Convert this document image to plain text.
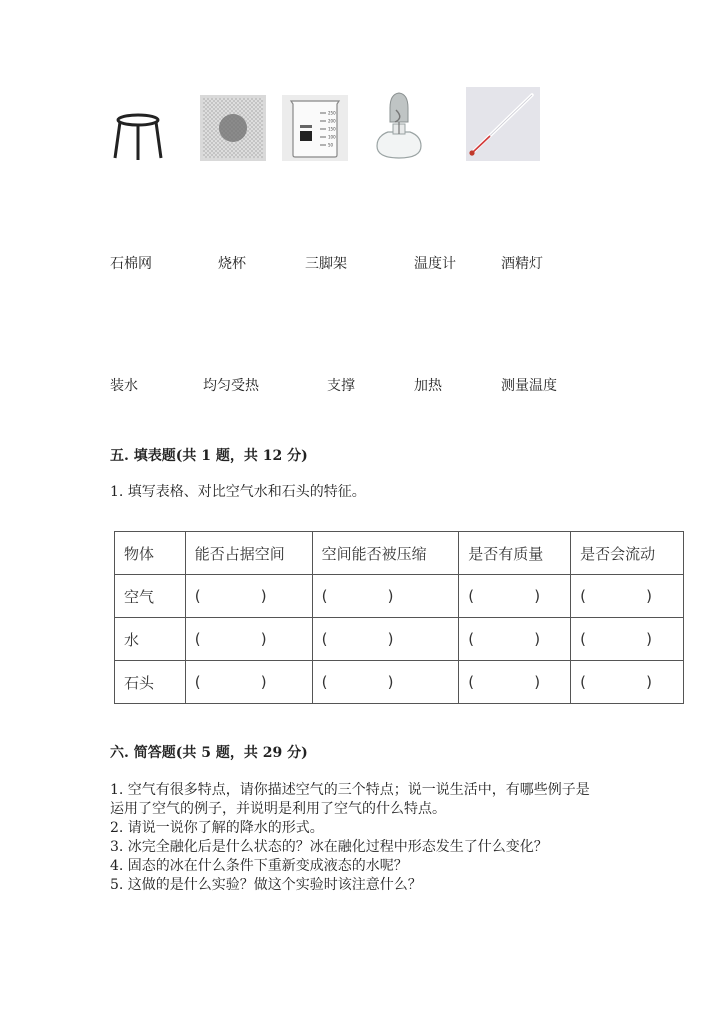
250
200
150
100
50
石棉网	烧杯	三脚架	温度计	酒精灯
装水	均匀受热	支撑	加热	测量温度
五. 填表题(共 1 题，共 12 分)
1. 填写表格、对比空气水和石头的特征。
物体	能否占据空间	空间能否被压缩	是否有质量	是否会流动
空气	( )	( )	( )	( )
水	( )	( )	( )	( )
石头	( )	( )	( )	( )
六. 简答题(共 5 题，共 29 分)
1. 空气有很多特点，请你描述空气的三个特点；说一说生活中，有哪些例子是
运用了空气的例子，并说明是利用了空气的什么特点。
2. 请说一说你了解的降水的形式。
3. 冰完全融化后是什么状态的？冰在融化过程中形态发生了什么变化？
4. 固态的冰在什么条件下重新变成液态的水呢？
5. 这做的是什么实验？做这个实验时该注意什么？
